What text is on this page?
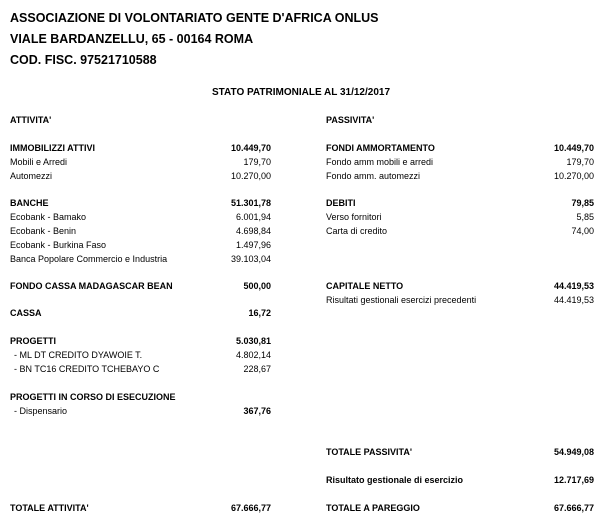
ASSOCIAZIONE DI VOLONTARIATO GENTE D'AFRICA ONLUS
VIALE BARDANZELLU, 65 - 00164 ROMA
COD. FISC. 97521710588
STATO PATRIMONIALE AL 31/12/2017
ATTIVITA'
IMMOBILIZZI ATTIVI	10.449,70
Mobili e Arredi	179,70
Automezzi	10.270,00
BANCHE	51.301,78
Ecobank - Bamako	6.001,94
Ecobank - Benin	4.698,84
Ecobank - Burkina Faso	1.497,96
Banca Popolare Commercio e Industria	39.103,04
FONDO CASSA MADAGASCAR BEAN	500,00
CASSA	16,72
PROGETTI	5.030,81
- ML DT CREDITO DYAWOIE T.	4.802,14
- BN TC16 CREDITO TCHEBAYO C	228,67
PROGETTI IN CORSO DI ESECUZIONE
- Dispensario	367,76
TOTALE ATTIVITA'	67.666,77
PASSIVITA'
FONDI AMMORTAMENTO	10.449,70
Fondo amm mobili e arredi	179,70
Fondo amm. automezzi	10.270,00
DEBITI	79,85
Verso fornitori	5,85
Carta di credito	74,00
CAPITALE NETTO	44.419,53
Risultati gestionali esercizi precedenti	44.419,53
TOTALE PASSIVITA'	54.949,08
Risultato gestionale di esercizio	12.717,69
TOTALE A PAREGGIO	67.666,77
